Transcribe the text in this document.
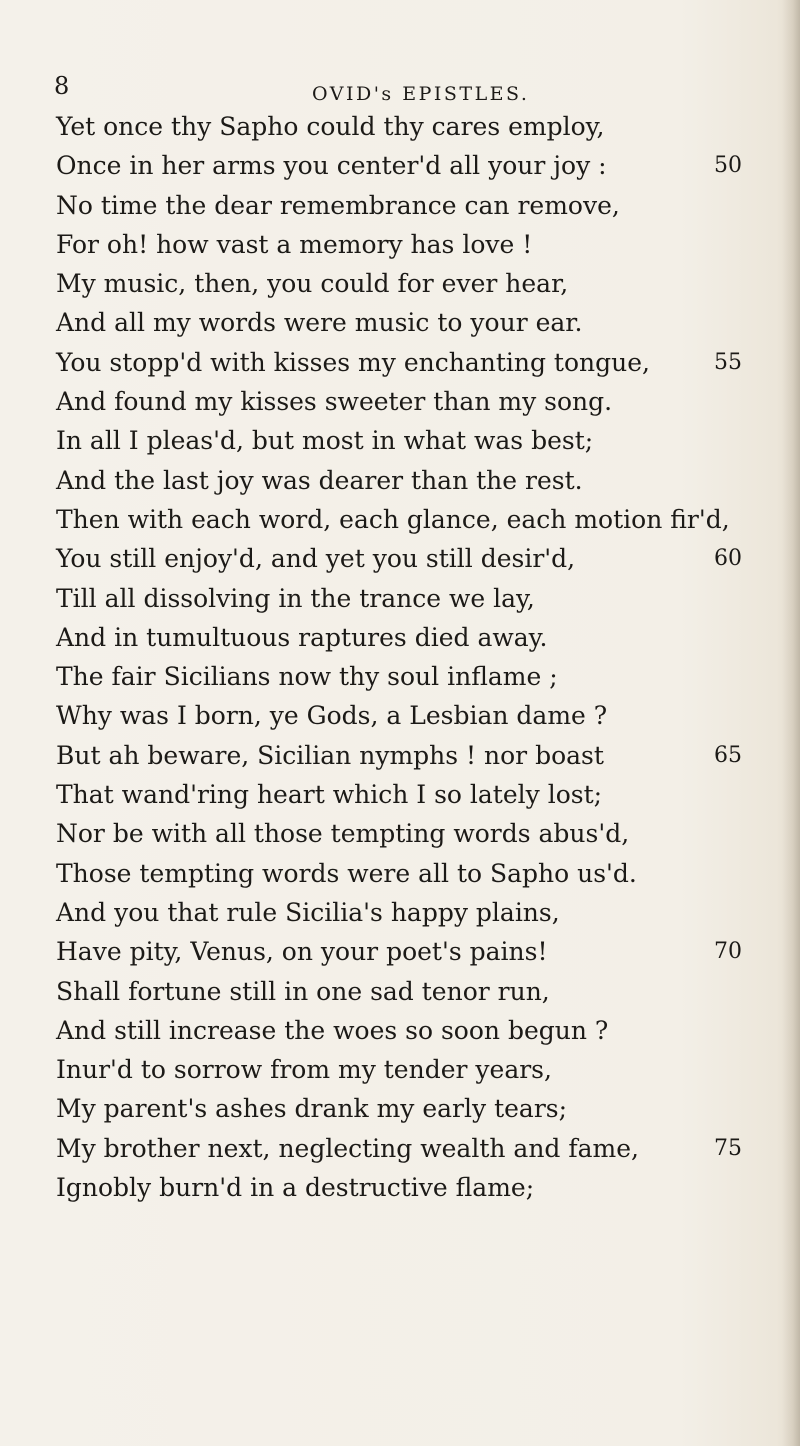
8	OVID's EPISTLES.
Yet once thy Sapho could thy cares employ,
Once in her arms you center'd all your joy :	50
No time the dear remembrance can remove,
For oh! how vast a memory has love !
My music, then, you could for ever hear,
And all my words were music to your ear.
You stopp'd with kisses my enchanting tongue,	55
And found my kisses sweeter than my song.
In all I pleas'd, but most in what was best;
And the last joy was dearer than the rest.
Then with each word, each glance, each motion fir'd,
You still enjoy'd, and yet you still desir'd,	60
Till all dissolving in the trance we lay,
And in tumultuous raptures died away.
The fair Sicilians now thy soul inflame ;
Why was I born, ye Gods, a Lesbian dame ?
But ah beware, Sicilian nymphs ! nor boast	65
That wand'ring heart which I so lately lost;
Nor be with all those tempting words abus'd,
Those tempting words were all to Sapho us'd.
And you that rule Sicilia's happy plains,
Have pity, Venus, on your poet's pains!	70
Shall fortune still in one sad tenor run,
And still increase the woes so soon begun ?
Inur'd to sorrow from my tender years,
My parent's ashes drank my early tears;
My brother next, neglecting wealth and fame,	75
Ignobly burn'd in a destructive flame;
